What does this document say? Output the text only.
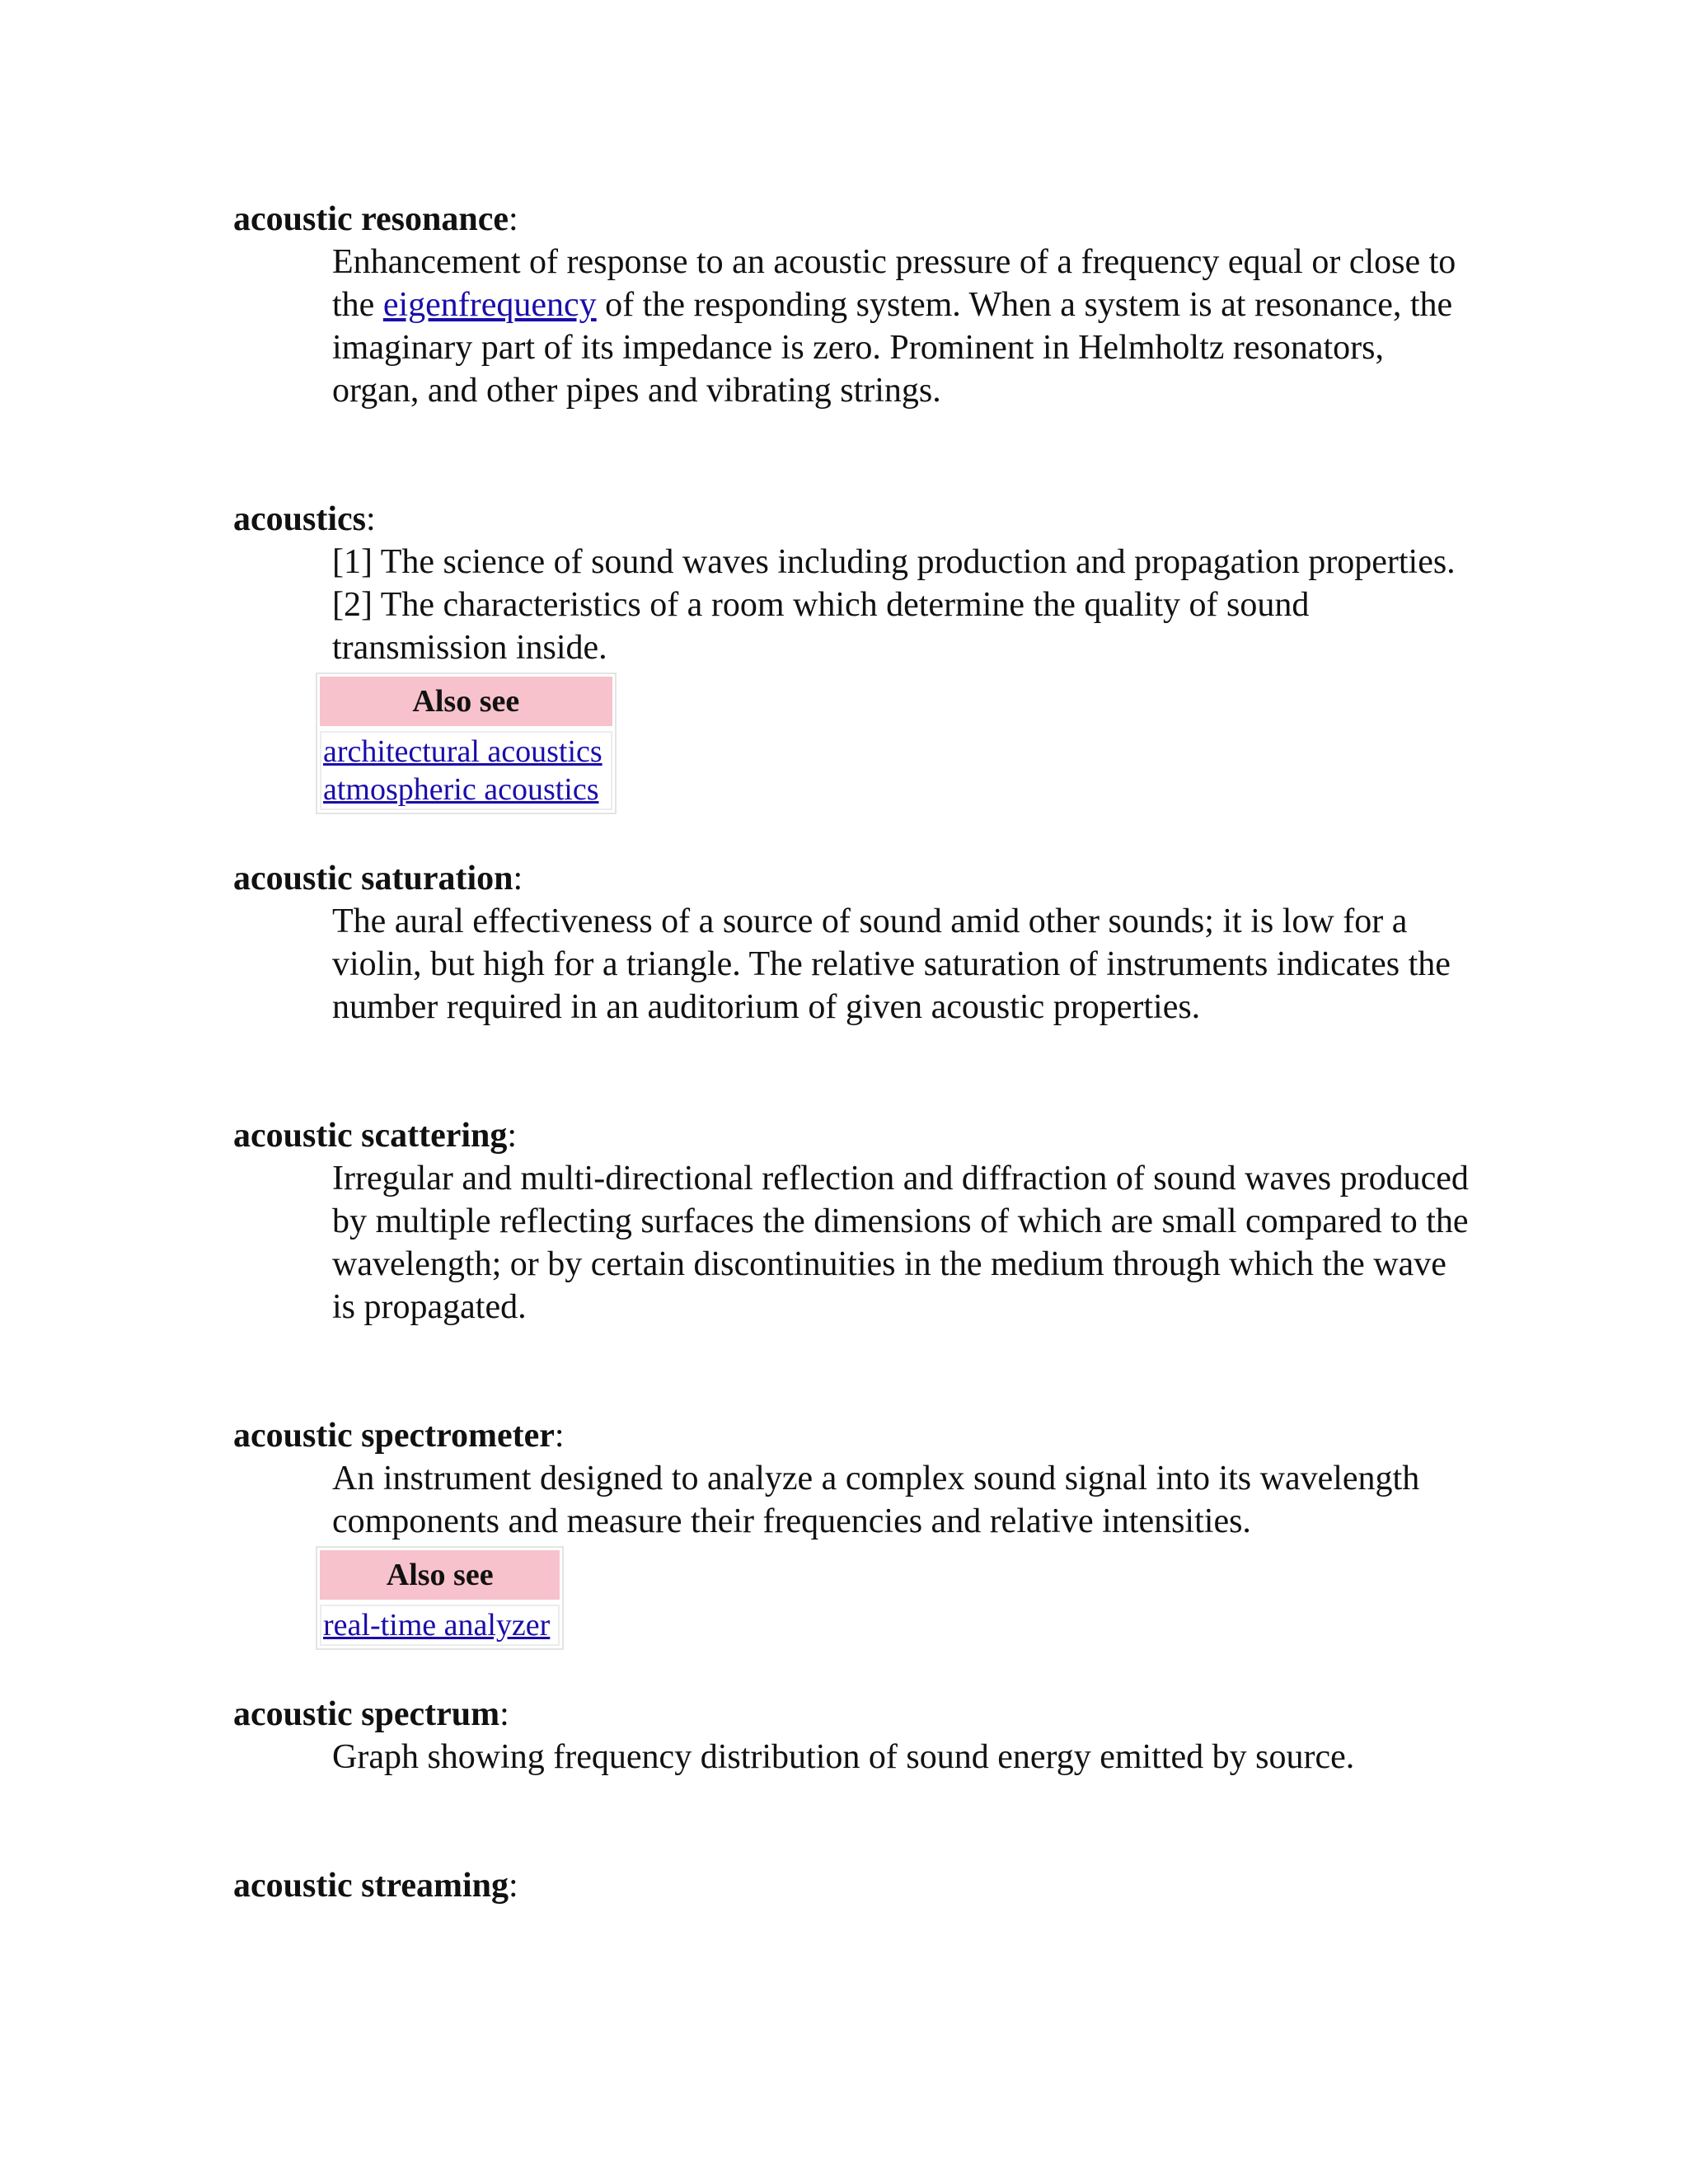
acoustic resonance:

Enhancement of response to an acoustic pressure of a frequency equal or close to the eigenfrequency of the responding system. When a system is at resonance, the imaginary part of its impedance is zero. Prominent in Helmholtz resonators, organ, and other pipes and vibrating strings.

acoustics:

[1] The science of sound waves including production and propagation properties.

[2] The characteristics of a room which determine the quality of sound transmission inside.

Also see
architectural acoustics
atmospheric acoustics
acoustic saturation:

The aural effectiveness of a source of sound amid other sounds; it is low for a violin, but high for a triangle. The relative saturation of instruments indicates the number required in an auditorium of given acoustic properties.

acoustic scattering:

Irregular and multi-directional reflection and diffraction of sound waves produced by multiple reflecting surfaces the dimensions of which are small compared to the wavelength; or by certain discontinuities in the medium through which the wave is propagated.

acoustic spectrometer:

An instrument designed to analyze a complex sound signal into its wavelength components and measure their frequencies and relative intensities.

Also see
real-time analyzer
acoustic spectrum:

Graph showing frequency distribution of sound energy emitted by source.

acoustic streaming:
